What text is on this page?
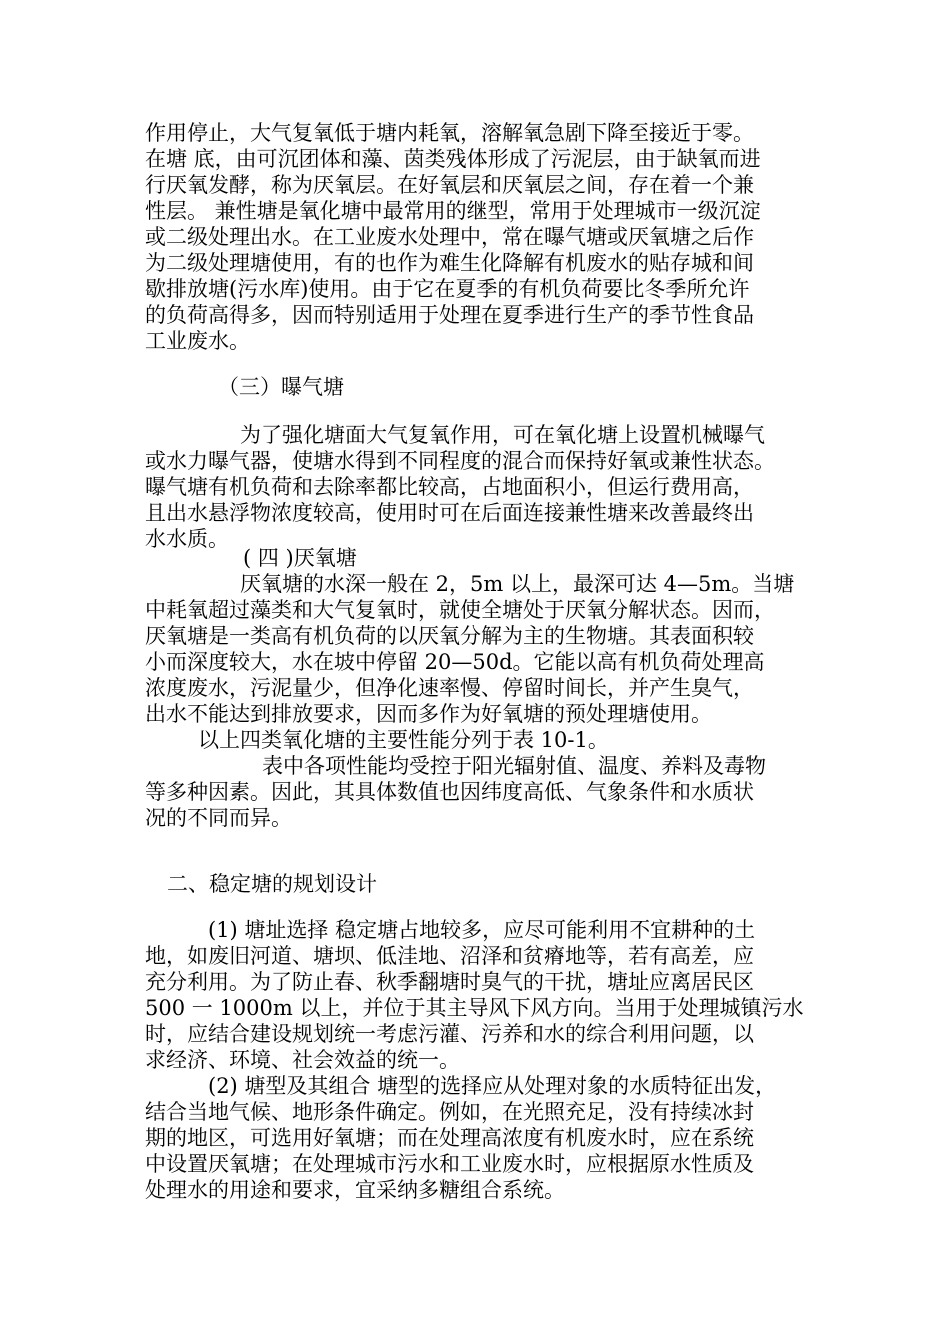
作用停止，大气复氧低于塘内耗氧，溶解氧急剧下降至接近于零。
在塘 底，由可沉团体和藻、茵类残体形成了污泥层，由于缺氧而进
行厌氧发酵，称为厌氧层。在好氧层和厌氧层之间，存在着一个兼
性层。 兼性塘是氧化塘中最常用的继型，常用于处理城市一级沉淀
或二级处理出水。在工业废水处理中，常在曝气塘或厌氧塘之后作
为二级处理塘使用，有的也作为难生化降解有机废水的贴存城和间
歇排放塘(污水库)使用。由于它在夏季的有机负荷要比冬季所允许
的负荷高得多，因而特别适用于处理在夏季进行生产的季节性食品
工业废水。
（三）曝气塘
为了强化塘面大气复氧作用，可在氧化塘上设置机械曝气
或水力曝气器，使塘水得到不同程度的混合而保持好氧或兼性状态。
曝气塘有机负荷和去除率都比较高，占地面积小，但运行费用高，
且出水悬浮物浓度较高，使用时可在后面连接兼性塘来改善最终出
水水质。
( 四 )厌氧塘
厌氧塘的水深一般在 2，5m 以上，最深可达 4—5m。当塘
中耗氧超过藻类和大气复氧时，就使全塘处于厌氧分解状态。因而，
厌氧塘是一类高有机负荷的以厌氧分解为主的生物塘。其表面积较
小而深度较大，水在坡中停留 20—50d。它能以高有机负荷处理高
浓度废水，污泥量少，但净化速率慢、停留时间长，并产生臭气，
出水不能达到排放要求，因而多作为好氧塘的预处理塘使用。
以上四类氧化塘的主要性能分列于表 10-1。
表中各项性能均受控于阳光辐射值、温度、养料及毒物
等多种因素。因此，其具体数值也因纬度高低、气象条件和水质状
况的不同而异。
二、稳定塘的规划设计
(1) 塘址选择 稳定塘占地较多，应尽可能利用不宜耕种的土
地，如废旧河道、塘坝、低洼地、沼泽和贫瘠地等，若有高差，应
充分利用。为了防止春、秋季翻塘时臭气的干扰，塘址应离居民区
500 一 1000m 以上，并位于其主导风下风方向。当用于处理城镇污水
时，应结合建设规划统一考虑污灌、污养和水的综合利用问题，以
求经济、环境、社会效益的统一。
(2) 塘型及其组合 塘型的选择应从处理对象的水质特征出发，
结合当地气候、地形条件确定。例如，在光照充足，没有持续冰封
期的地区，可选用好氧塘；而在处理高浓度有机废水时，应在系统
中设置厌氧塘；在处理城市污水和工业废水时，应根据原水性质及
处理水的用途和要求，宜采纳多糖组合系统。
